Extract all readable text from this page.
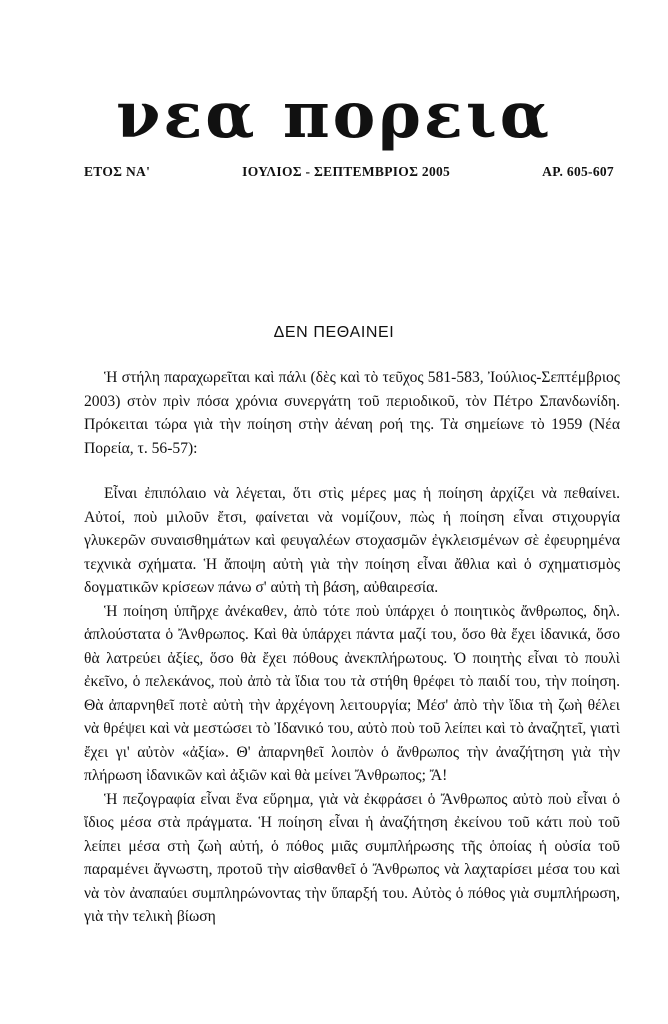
νεα πορεια
ΕΤΟΣ ΝΑ'	ΙΟΥΛΙΟΣ - ΣΕΠΤΕΜΒΡΙΟΣ 2005	ΑΡ. 605-607
ΔΕΝ ΠΕΘΑΙΝΕΙ

Ἡ στήλη παραχωρεῖται καὶ πάλι (δὲς καὶ τὸ τεῦχος 581-583, Ἰούλιος-Σεπτέμβριος 2003) στὸν πρὶν πόσα χρόνια συνεργάτη τοῦ περιοδικοῦ, τὸν Πέτρο Σπανδωνίδη. Πρόκειται τώρα γιὰ τὴν ποίηση στὴν ἀέναη ροή της. Τὰ σημείωνε τὸ 1959 (Νέα Πορεία, τ. 56-57):

Εἶναι ἐπιπόλαιο νὰ λέγεται, ὅτι στὶς μέρες μας ἡ ποίηση ἀρχίζει νὰ πεθαίνει. Αὐτοί, ποὺ μιλοῦν ἔτσι, φαίνεται νὰ νομίζουν, πὼς ἡ ποίηση εἶναι στιχουργία γλυκερῶν συναισθημάτων καὶ φευγαλέων στοχασμῶν ἐγκλεισμένων σὲ ἐφευρημένα τεχνικὰ σχήματα. Ἡ ἄποψη αὐτὴ γιὰ τὴν ποίηση εἶναι ἄθλια καὶ ὁ σχηματισμὸς δογματικῶν κρίσεων πάνω σ' αὐτὴ τὴ βάση, αὐθαιρεσία.

Ἡ ποίηση ὑπῆρχε ἀνέκαθεν, ἀπὸ τότε ποὺ ὑπάρχει ὁ ποιητικὸς ἄνθρωπος, δηλ. ἁπλούστατα ὁ Ἄνθρωπος. Καὶ θὰ ὑπάρχει πάντα μαζί του, ὅσο θὰ ἔχει ἰδανικά, ὅσο θὰ λατρεύει ἀξίες, ὅσο θὰ ἔχει πόθους ἀνεκπλήρωτους. Ὁ ποιητὴς εἶναι τὸ πουλὶ ἐκεῖνο, ὁ πελεκάνος, ποὺ ἀπὸ τὰ ἴδια του τὰ στήθη θρέφει τὸ παιδί του, τὴν ποίηση. Θὰ ἀπαρνηθεῖ ποτὲ αὐτὴ τὴν ἀρχέγονη λειτουργία; Μέσ' ἀπὸ τὴν ἴδια τὴ ζωὴ θέλει νὰ θρέψει καὶ νὰ μεστώσει τὸ Ἰδανικό του, αὐτὸ ποὺ τοῦ λείπει καὶ τὸ ἀναζητεῖ, γιατὶ ἔχει γι' αὐτὸν «ἀξία». Θ' ἀπαρνηθεῖ λοιπὸν ὁ ἄνθρωπος τὴν ἀναζήτηση γιὰ τὴν πλήρωση ἰδανικῶν καὶ ἀξιῶν καὶ θὰ μείνει Ἄνθρωπος; Ἄ!

Ἡ πεζογραφία εἶναι ἕνα εὕρημα, γιὰ νὰ ἐκφράσει ὁ Ἄνθρωπος αὐτὸ ποὺ εἶναι ὁ ἴδιος μέσα στὰ πράγματα. Ἡ ποίηση εἶναι ἡ ἀναζήτηση ἐκείνου τοῦ κάτι ποὺ τοῦ λείπει μέσα στὴ ζωὴ αὐτή, ὁ πόθος μιᾶς συμπλήρωσης τῆς ὁποίας ἡ οὐσία τοῦ παραμένει ἄγνωστη, προτοῦ τὴν αἰσθανθεῖ ὁ Ἄνθρωπος νὰ λαχταρίσει μέσα του καὶ νὰ τὸν ἀναπαύει συμπληρώνοντας τὴν ὕπαρξή του. Αὐτὸς ὁ πόθος γιὰ συμπλήρωση, γιὰ τὴν τελικὴ βίωση
